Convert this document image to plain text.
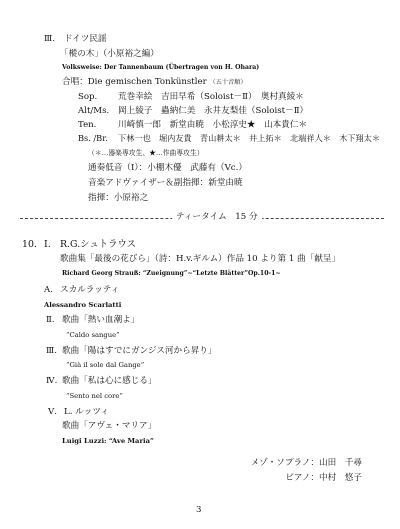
Ⅲ. ドイツ民謡
「樅の木」（小原裕之編）
Volksweise: Der Tannenbaum (Übertragen von H. Ohara)
合唱：Die gemischen Tonkünstler （五十音順）
Sop. 荒巻幸絵　吉田早希（Soloist－Ⅱ）　奥村真綾＊
Alt/Ms. 岡上綾子　蟲納仁美　永井友梨佳（Soloist－Ⅱ）
Ten.	川崎慎一郎　新堂由暁　小松淳史★　山本貴仁＊
Bs. /Br. 下林一也　堀内友貴　青山耕太＊　井上拓＊　北端祥人＊　木下翔太＊
（＊…器楽専攻生、★…作曲専攻生）
通奏低音（Ⅰ）：小棚木優　武藤有（Vc.）
音楽アドヴァイザー＆副指揮：新堂由暁
指揮：小原裕之
ティータイム　15 分
10. Ⅰ. R.G.シュトラウス
歌曲集「最後の花びら」（詩：H.v.ギルム）作品 10 より第 1 曲「献呈」
Richard Georg Strauß: “Zueignung”~“Letzte Blätter”Op.10-1~
A. スカルラッティ
Alessandro Scarlatti
Ⅱ. 歌曲「熱い血潮よ」
“Caldo sangue”
Ⅲ. 歌曲「陽はすでにガンジス河から昇り」
“Già il sole dal Gange”
Ⅳ. 歌曲「私は心に感じる」
“Sento nel core”
Ⅴ. L. ルッツィ
歌曲「アヴェ・マリア」
Luigi Luzzi: “Ave Maria”
メゾ・ソプラノ：山田　千尋
ピアノ：中村　悠子
3
